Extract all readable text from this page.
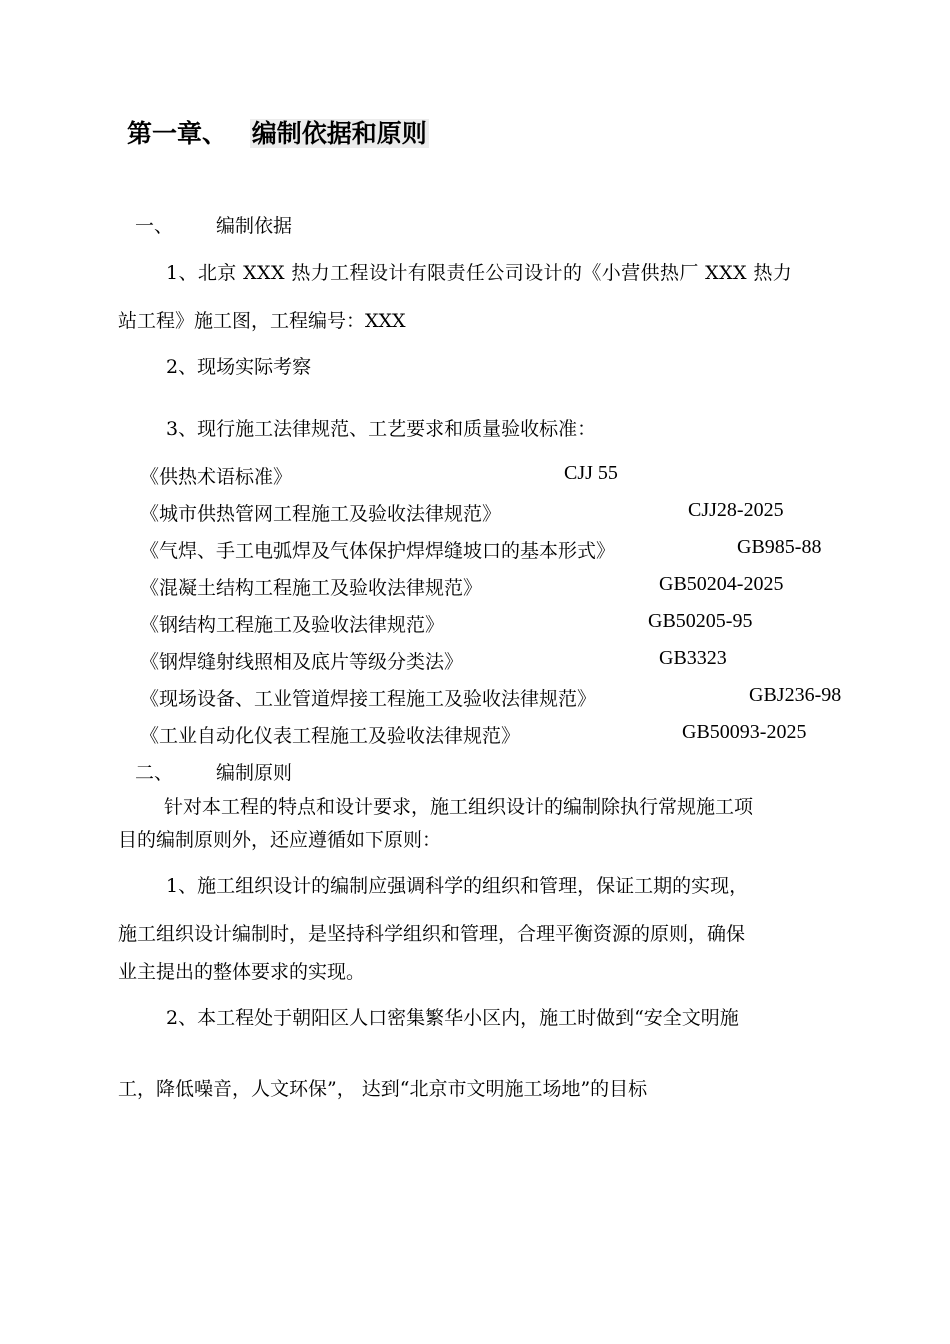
第一章、 编制依据和原则
一、 编制依据
1、北京 XXX 热力工程设计有限责任公司设计的《小营供热厂 XXX 热力
站工程》施工图，工程编号：XXX
2、现场实际考察
3、现行施工法律规范、工艺要求和质量验收标准：
《供热术语标准》	CJJ 55
《城市供热管网工程施工及验收法律规范》	CJJ28-2025
《气焊、手工电弧焊及气体保护焊焊缝坡口的基本形式》	GB985-88
《混凝土结构工程施工及验收法律规范》	GB50204-2025
《钢结构工程施工及验收法律规范》	GB50205-95
《钢焊缝射线照相及底片等级分类法》	GB3323
《现场设备、工业管道焊接工程施工及验收法律规范》	GBJ236-98
《工业自动化仪表工程施工及验收法律规范》	GB50093-2025
二、 编制原则
针对本工程的特点和设计要求，施工组织设计的编制除执行常规施工项
目的编制原则外，还应遵循如下原则：
1、施工组织设计的编制应强调科学的组织和管理，保证工期的实现，
施工组织设计编制时，是坚持科学组织和管理，合理平衡资源的原则，确保
业主提出的整体要求的实现。
2、本工程处于朝阳区人口密集繁华小区内，施工时做到“安全文明施
工，降低噪音，人文环保”， 达到“北京市文明施工场地”的目标
